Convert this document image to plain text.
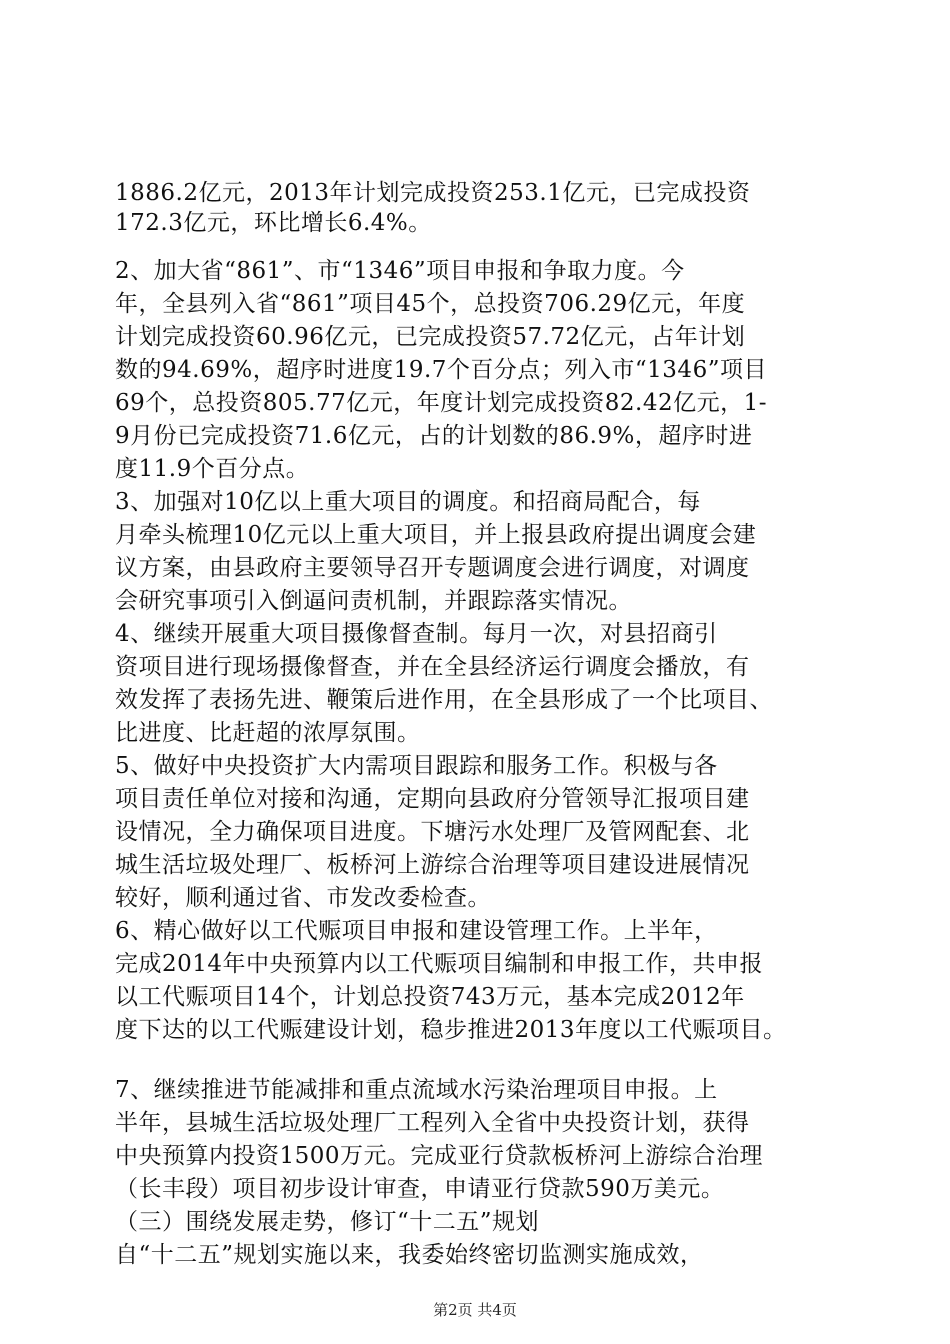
1886.2亿元，2013年计划完成投资253.1亿元，已完成投资
172.3亿元，环比增长6.4%。
2、加大省“861”、市“1346”项目申报和争取力度。今
年，全县列入省“861”项目45个，总投资706.29亿元，年度
计划完成投资60.96亿元，已完成投资57.72亿元，占年计划
数的94.69%，超序时进度19.7个百分点；列入市“1346”项目
69个，总投资805.77亿元，年度计划完成投资82.42亿元，1-
9月份已完成投资71.6亿元，占的计划数的86.9%，超序时进
度11.9个百分点。
3、加强对10亿以上重大项目的调度。和招商局配合，每
月牵头梳理10亿元以上重大项目，并上报县政府提出调度会建
议方案，由县政府主要领导召开专题调度会进行调度，对调度
会研究事项引入倒逼问责机制，并跟踪落实情况。
4、继续开展重大项目摄像督查制。每月一次，对县招商引
资项目进行现场摄像督查，并在全县经济运行调度会播放，有
效发挥了表扬先进、鞭策后进作用，在全县形成了一个比项目、
比进度、比赶超的浓厚氛围。
5、做好中央投资扩大内需项目跟踪和服务工作。积极与各
项目责任单位对接和沟通，定期向县政府分管领导汇报项目建
设情况，全力确保项目进度。下塘污水处理厂及管网配套、北
城生活垃圾处理厂、板桥河上游综合治理等项目建设进展情况
较好，顺利通过省、市发改委检查。
6、精心做好以工代赈项目申报和建设管理工作。上半年，
完成2014年中央预算内以工代赈项目编制和申报工作，共申报
以工代赈项目14个，计划总投资743万元，基本完成2012年
度下达的以工代赈建设计划，稳步推进2013年度以工代赈项目。
7、继续推进节能减排和重点流域水污染治理项目申报。上
半年，县城生活垃圾处理厂工程列入全省中央投资计划，获得
中央预算内投资1500万元。完成亚行贷款板桥河上游综合治理
（长丰段）项目初步设计审查，申请亚行贷款590万美元。
（三）围绕发展走势，修订“十二五”规划
自“十二五”规划实施以来，我委始终密切监测实施成效，
第2页 共4页
